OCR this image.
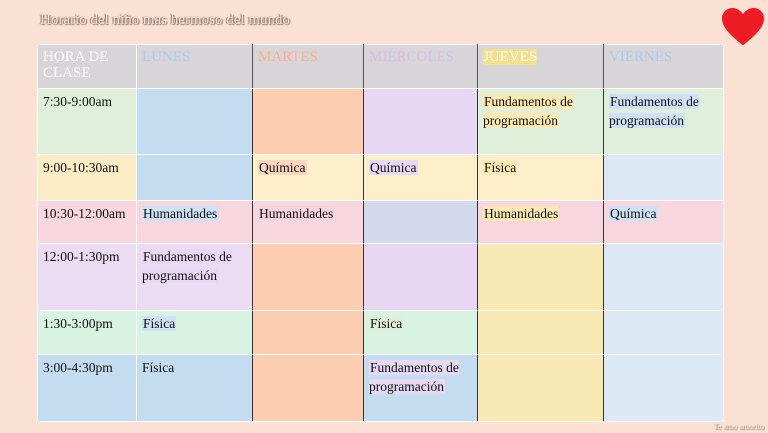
Horario del niño mas hermoso del mundo
HORA DE CLASE	LUNES	MARTES	MIÉRCOLES	JUEVES	VIERNES
7:30-9:00am				Fundamentos de programación	Fundamentos de programación
9:00-10:30am		Química	Química	Física	
10:30-12:00am	Humanidades	Humanidades		Humanidades	Química
12:00-1:30pm	Fundamentos de programación				
1:30-3:00pm	Física		Física		
3:00-4:30pm	Física		Fundamentos de programación		
Te amo amorito
